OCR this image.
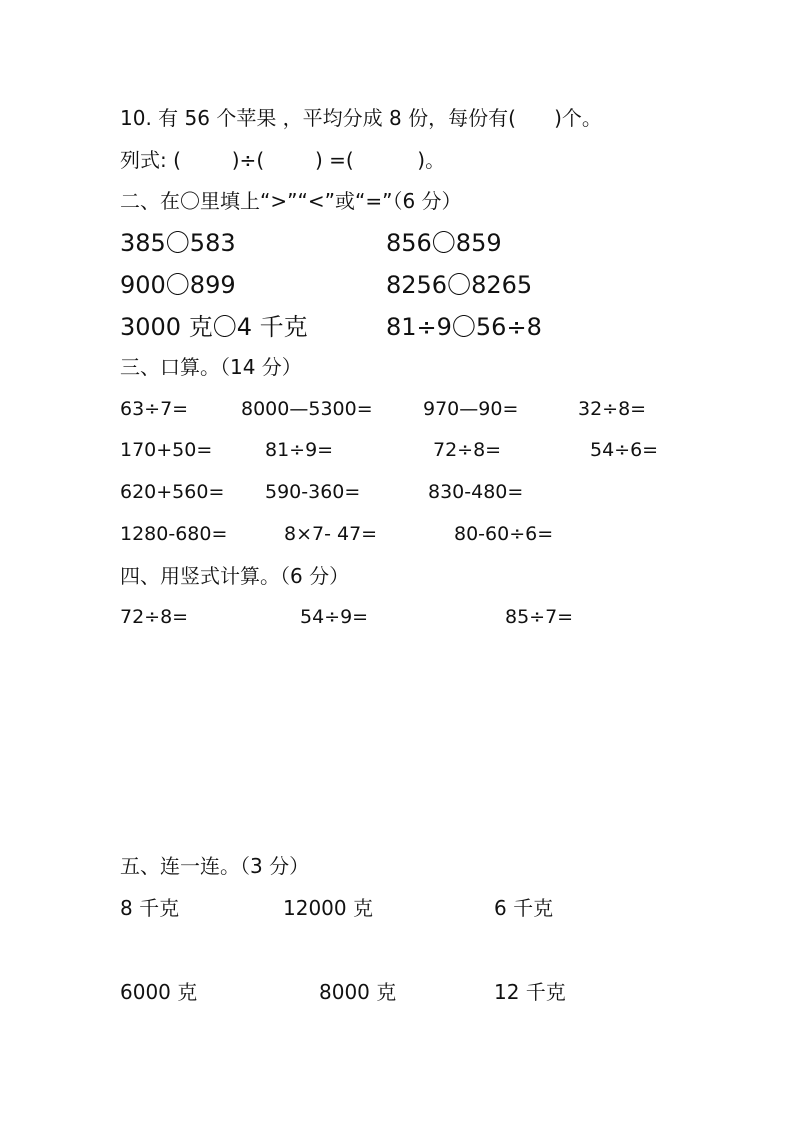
10. 有 56 个苹果 ，平均分成 8 份，每份有(      )个。
列式: (        )÷(        ) =(          )。
二、在〇里填上“>”“<”或“=”（6 分）
385〇583	856〇859
900〇899	8256〇8265
3000 克〇4 千克	81÷9〇56÷8
三、口算。（14 分）
63÷7=	8000—5300=	970—90=	32÷8=
170+50=	81÷9=	72÷8=	54÷6=
620+560= 590-360=	830-480=
1280-680=	8×7- 47=	80-60÷6=
四、用竖式计算。（6 分）
72÷8=	54÷9=	85÷7=
五、连一连。（3 分）
8 千克	12000 克	6 千克
6000 克	8000 克	12 千克
